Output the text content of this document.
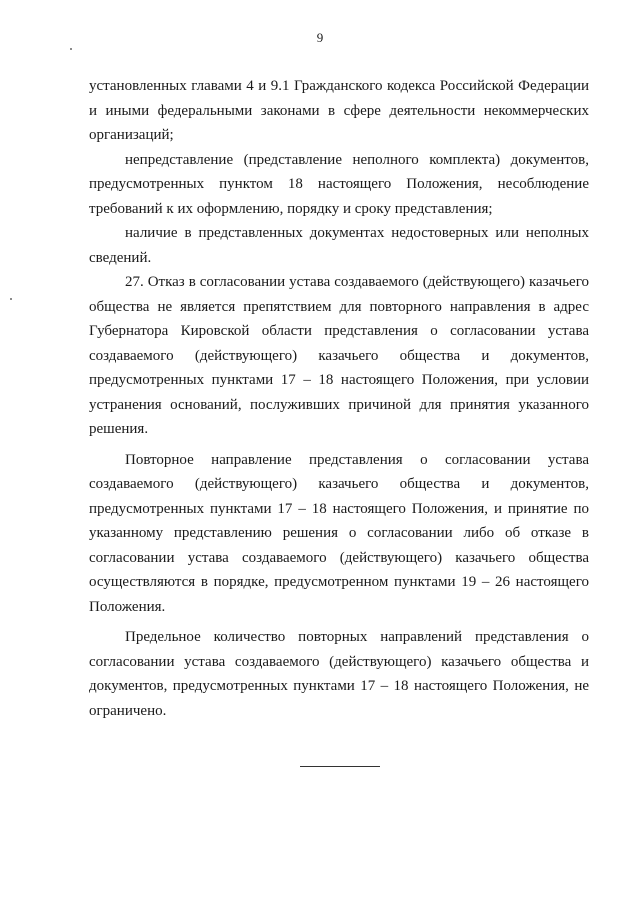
9

установленных главами 4 и 9.1 Гражданского кодекса Российской Федерации и иными федеральными законами в сфере деятельности некоммерческих организаций;

непредставление (представление неполного комплекта) документов, предусмотренных пунктом 18 настоящего Положения, несоблюдение требований к их оформлению, порядку и сроку представления;

наличие в представленных документах недостоверных или неполных сведений.

27. Отказ в согласовании устава создаваемого (действующего) казачьего общества не является препятствием для повторного направления в адрес Губернатора Кировской области представления о согласовании устава создаваемого (действующего) казачьего общества и документов, предусмотренных пунктами 17 – 18 настоящего Положения, при условии устранения оснований, послуживших причиной для принятия указанного решения.

Повторное направление представления о согласовании устава создаваемого (действующего) казачьего общества и документов, предусмотренных пунктами 17 – 18 настоящего Положения, и принятие по указанному представлению решения о согласовании либо об отказе в согласовании устава создаваемого (действующего) казачьего общества осуществляются в порядке, предусмотренном пунктами 19 – 26 настоящего Положения.

Предельное количество повторных направлений представления о согласовании устава создаваемого (действующего) казачьего общества и документов, предусмотренных пунктами 17 – 18 настоящего Положения, не ограничено.
